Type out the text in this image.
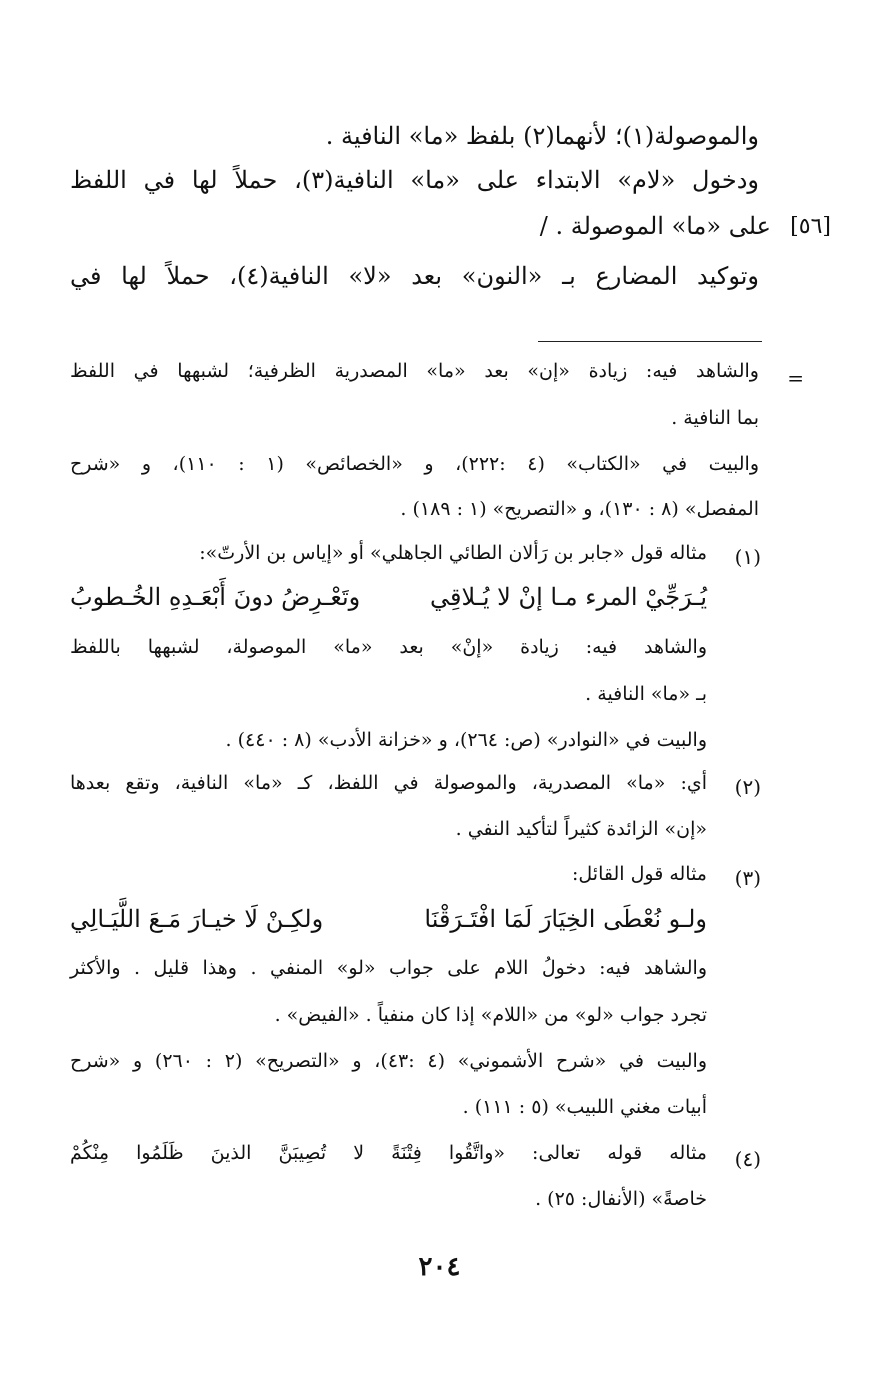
والموصولة(١)؛ لأنهما(٢) بلفظ «ما» النافية .
ودخول «لام» الابتداء على «ما» النافية(٣)، حملاً لها في اللفظ
على «ما» الموصولة . / [٥٦]
وتوكيد المضارع بـ «النون» بعد «لا» النافية(٤)، حملاً لها في
=
والشاهد فيه: زيادة «إن» بعد «ما» المصدرية الظرفية؛ لشبهها في اللفظ
بما النافية .
والبيت في «الكتاب» (٤ :٢٢٢)، و «الخصائص» (١ : ١١٠)، و «شرح
المفصل» (٨ : ١٣٠)، و «التصريح» (١ : ١٨٩) .
(١)
مثاله قول «جابر بن رَألان الطائي الجاهلي» أو «إياس بن الأرتّ»:
يُـرَجِّيْ المرء مـا إنْ لا يُـلاقِي
وتَعْـرِضُ دونَ أَبْعَـدِهِ الخُـطوبُ
والشاهد فيه: زيادة «إنْ» بعد «ما» الموصولة، لشبهها باللفظ
بـ «ما» النافية .
والبيت في «النوادر» (ص: ٢٦٤)، و «خزانة الأدب» (٨ : ٤٤٠) .
(٢)
أي: «ما» المصدرية، والموصولة في اللفظ، كـ «ما» النافية، وتقع بعدها
«إن» الزائدة كثيراً لتأكيد النفي .
(٣)
مثاله قول القائل:
ولـو نُعْطَى الخِيَارَ لَمَا افْتَـرَقْنَا
ولكِـنْ لَا خيـارَ مَـعَ اللَّيَـالِي
والشاهد فيه: دخولُ اللام على جواب «لو» المنفي . وهذا قليل . والأكثر
تجرد جواب «لو» من «اللام» إذا كان منفياً . «الفيض» .
والبيت في «شرح الأشموني» (٤ :٤٣)، و «التصريح» (٢ : ٢٦٠) و «شرح
أبيات مغني اللبيب» (٥ : ١١١) .
(٤)
مثاله قوله تعالى: «واتَّقُوا فِتْنَةً لا تُصِيبَنَّ الذينَ ظَلَمُوا مِنْكُمْ
خاصةً» (الأنفال: ٢٥) .
٢٠٤
